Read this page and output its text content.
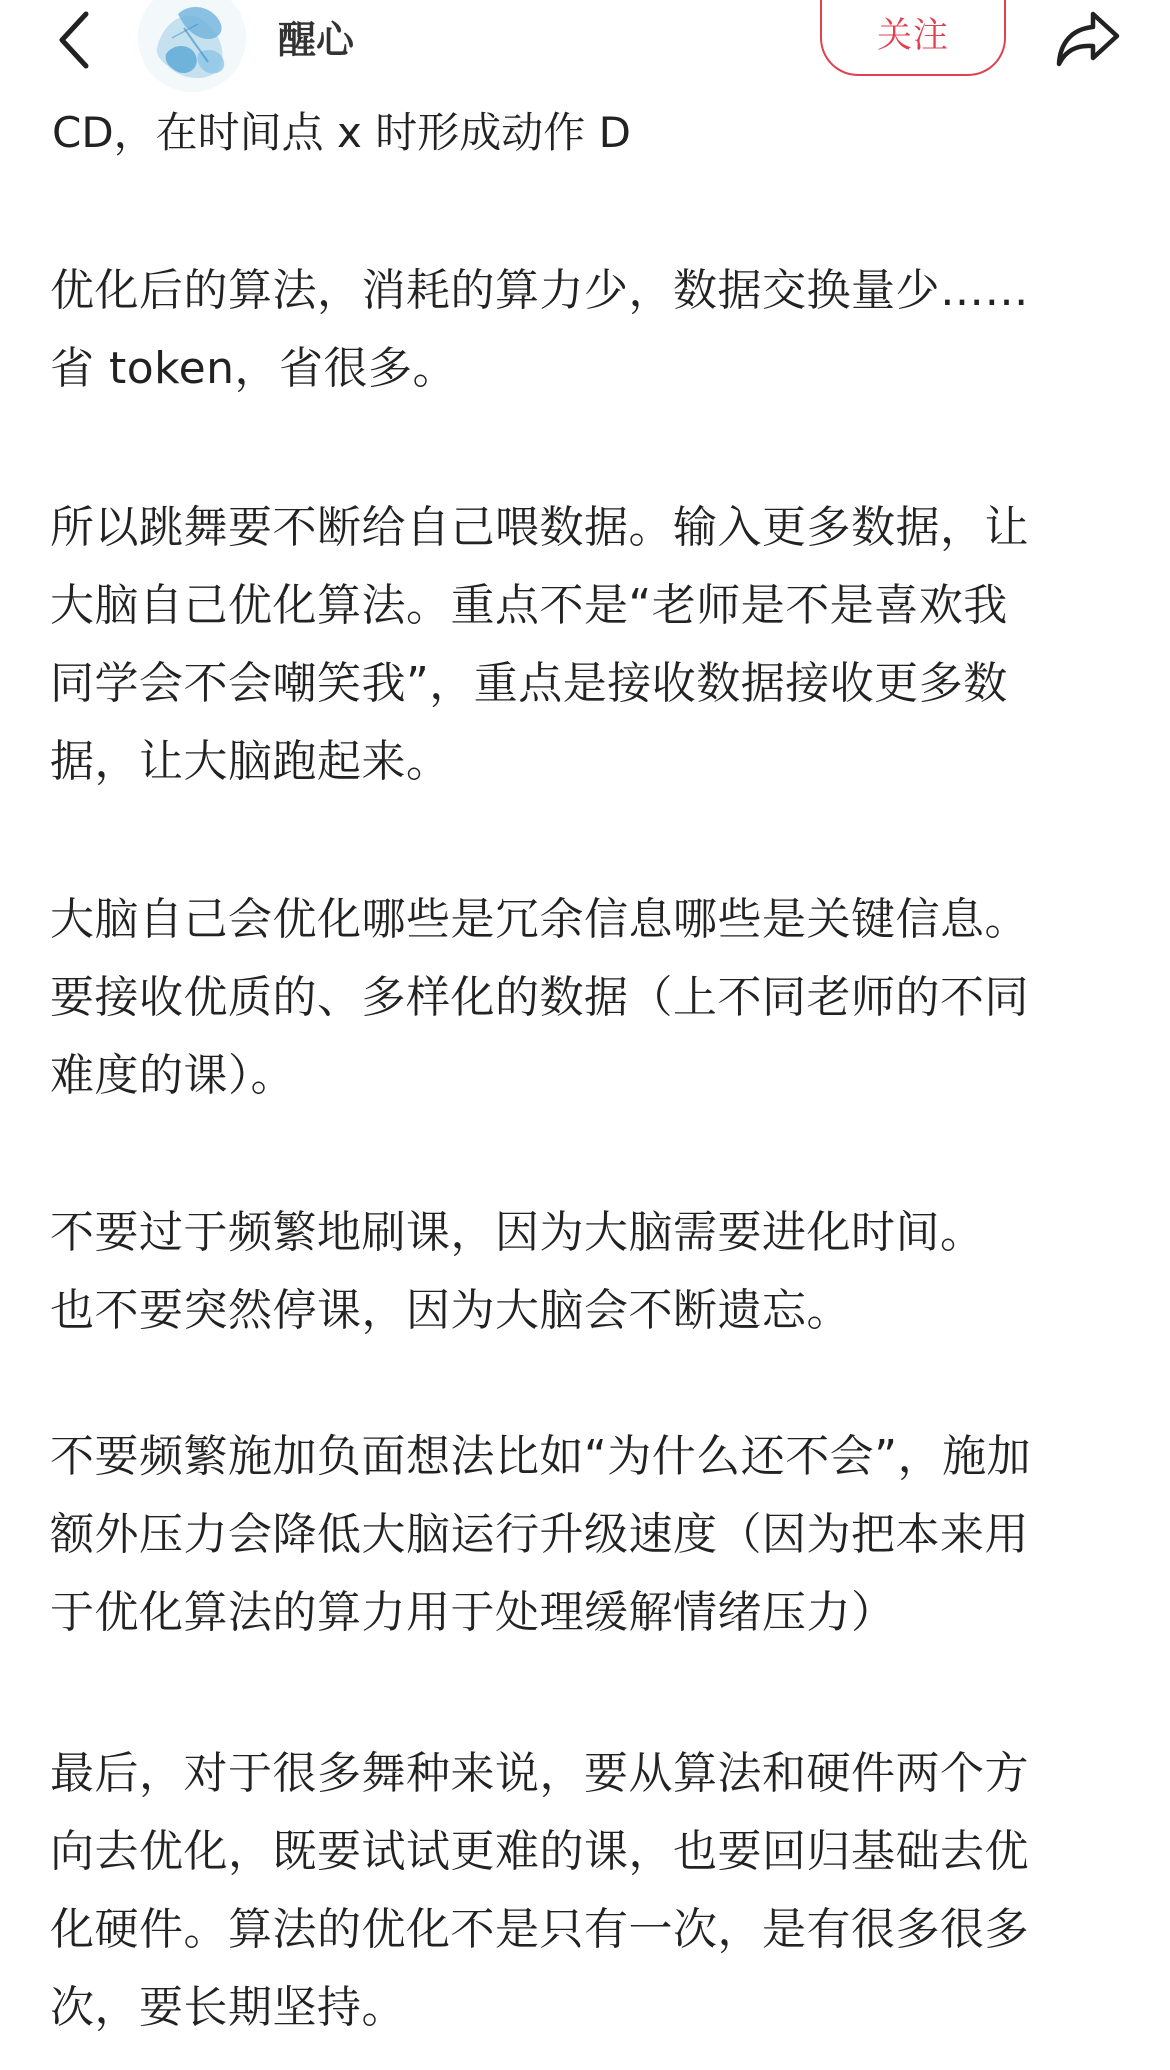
醒心	关注
CD，在时间点 x 时形成动作 D
优化后的算法，消耗的算力少，数据交换量少……
省 token，省很多。
所以跳舞要不断给自己喂数据。输入更多数据，让
大脑自己优化算法。重点不是“老师是不是喜欢我
同学会不会嘲笑我”，重点是接收数据接收更多数
据，让大脑跑起来。
大脑自己会优化哪些是冗余信息哪些是关键信息。
要接收优质的、多样化的数据（上不同老师的不同
难度的课）。
不要过于频繁地刷课，因为大脑需要进化时间。
也不要突然停课，因为大脑会不断遗忘。
不要频繁施加负面想法比如“为什么还不会”，施加
额外压力会降低大脑运行升级速度（因为把本来用
于优化算法的算力用于处理缓解情绪压力）
最后，对于很多舞种来说，要从算法和硬件两个方
向去优化，既要试试更难的课，也要回归基础去优
化硬件。算法的优化不是只有一次，是有很多很多
次，要长期坚持。
